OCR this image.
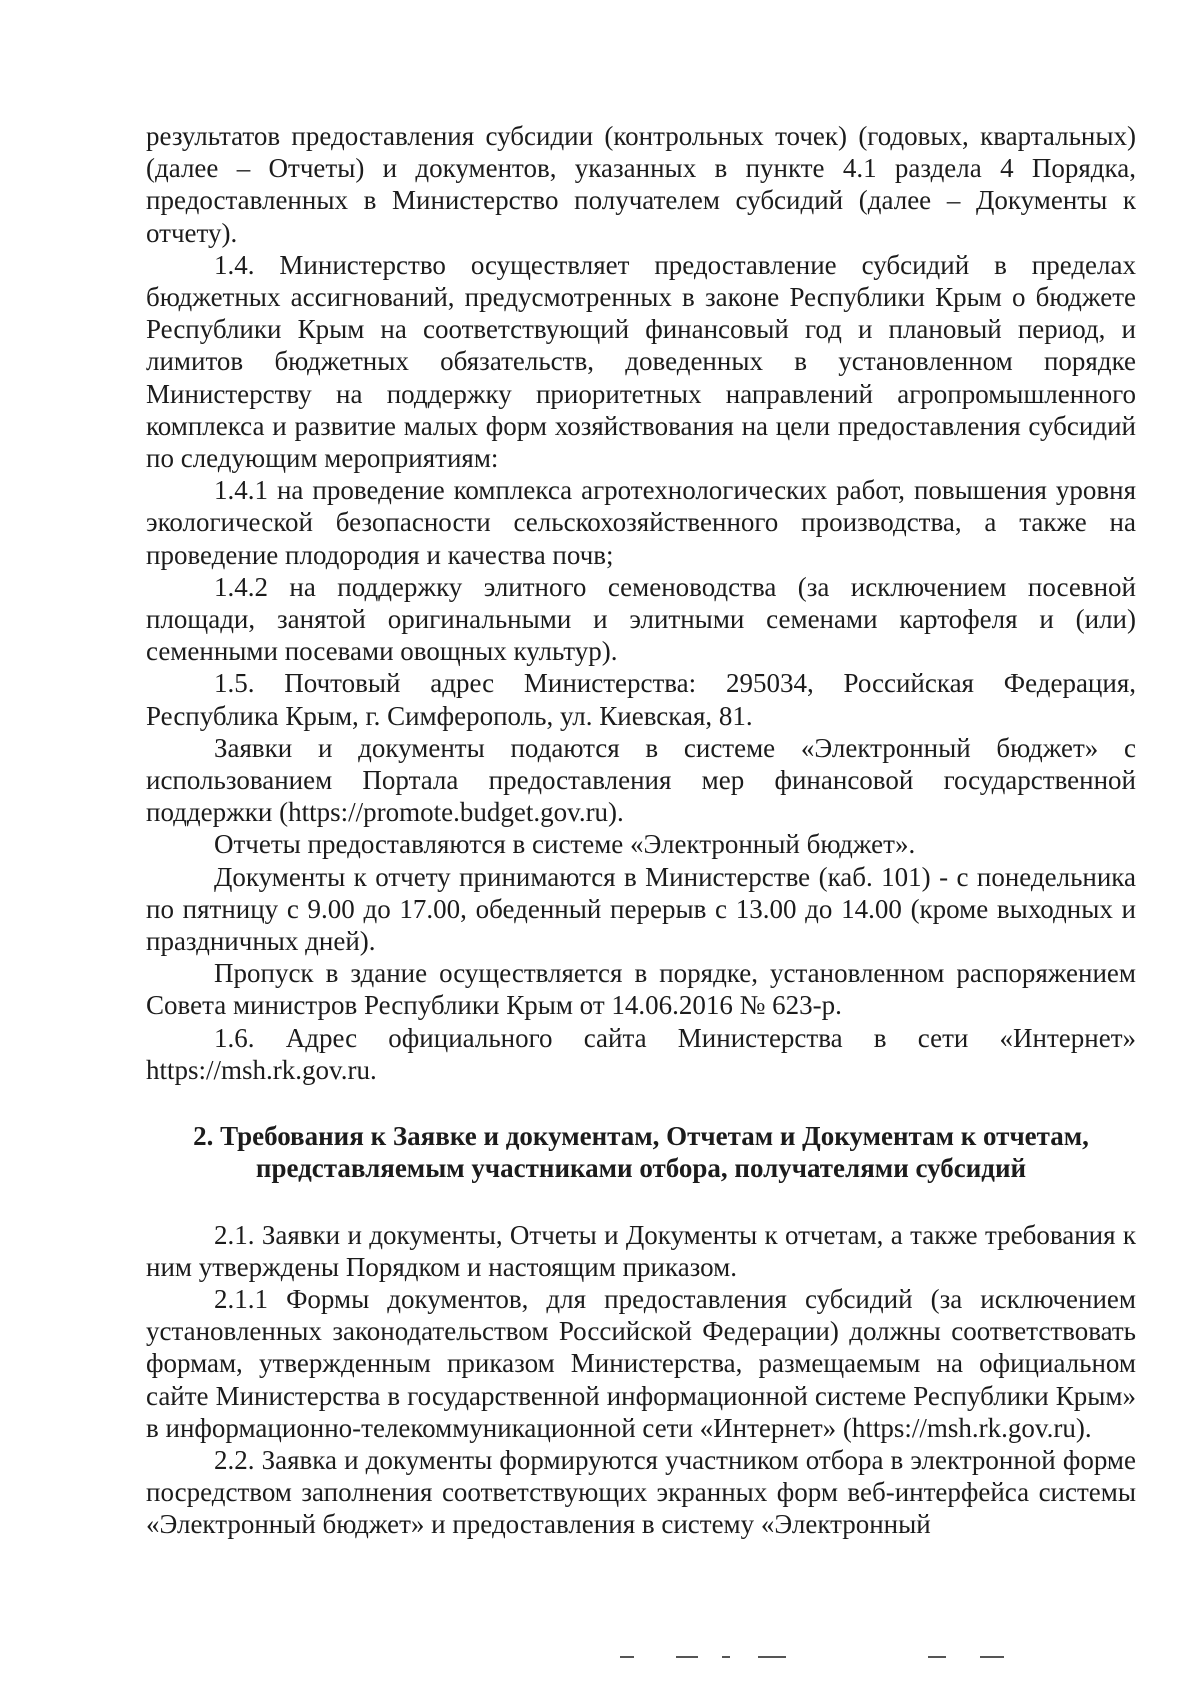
результатов предоставления субсидии (контрольных точек) (годовых, квартальных) (далее – Отчеты) и документов, указанных в пункте 4.1 раздела 4 Порядка, предоставленных в Министерство получателем субсидий (далее – Документы к отчету).

1.4. Министерство осуществляет предоставление субсидий в пределах бюджетных ассигнований, предусмотренных в законе Республики Крым о бюджете Республики Крым на соответствующий финансовый год и плановый период, и лимитов бюджетных обязательств, доведенных в установленном порядке Министерству на поддержку приоритетных направлений агропромышленного комплекса и развитие малых форм хозяйствования на цели предоставления субсидий по следующим мероприятиям:

1.4.1 на проведение комплекса агротехнологических работ, повышения уровня экологической безопасности сельскохозяйственного производства, а также на проведение плодородия и качества почв;

1.4.2 на поддержку элитного семеноводства (за исключением посевной площади, занятой оригинальными и элитными семенами картофеля и (или) семенными посевами овощных культур).

1.5. Почтовый адрес Министерства: 295034, Российская Федерация, Республика Крым, г. Симферополь, ул. Киевская, 81.

Заявки и документы подаются в системе «Электронный бюджет» с использованием Портала предоставления мер финансовой государственной поддержки (https://promote.budget.gov.ru).

Отчеты предоставляются в системе «Электронный бюджет».

Документы к отчету принимаются в Министерстве (каб. 101) - с понедельника по пятницу с 9.00 до 17.00, обеденный перерыв с 13.00 до 14.00 (кроме выходных и праздничных дней).

Пропуск в здание осуществляется в порядке, установленном распоряжением Совета министров Республики Крым от 14.06.2016 № 623-р.

1.6. Адрес официального сайта Министерства в сети «Интернет» https://msh.rk.gov.ru.

2. Требования к Заявке и документам, Отчетам и Документам к отчетам,
представляемым участниками отбора, получателями субсидий

2.1. Заявки и документы, Отчеты и Документы к отчетам, а также требования к ним утверждены Порядком и настоящим приказом.

2.1.1 Формы документов, для предоставления субсидий (за исключением установленных законодательством Российской Федерации) должны соответствовать формам, утвержденным приказом Министерства, размещаемым на официальном сайте Министерства в государственной информационной системе Республики Крым» в информационно-телекоммуникационной сети «Интернет» (https://msh.rk.gov.ru).

2.2. Заявка и документы формируются участником отбора в электронной форме посредством заполнения соответствующих экранных форм веб-интерфейса системы «Электронный бюджет» и предоставления в систему «Электронный
